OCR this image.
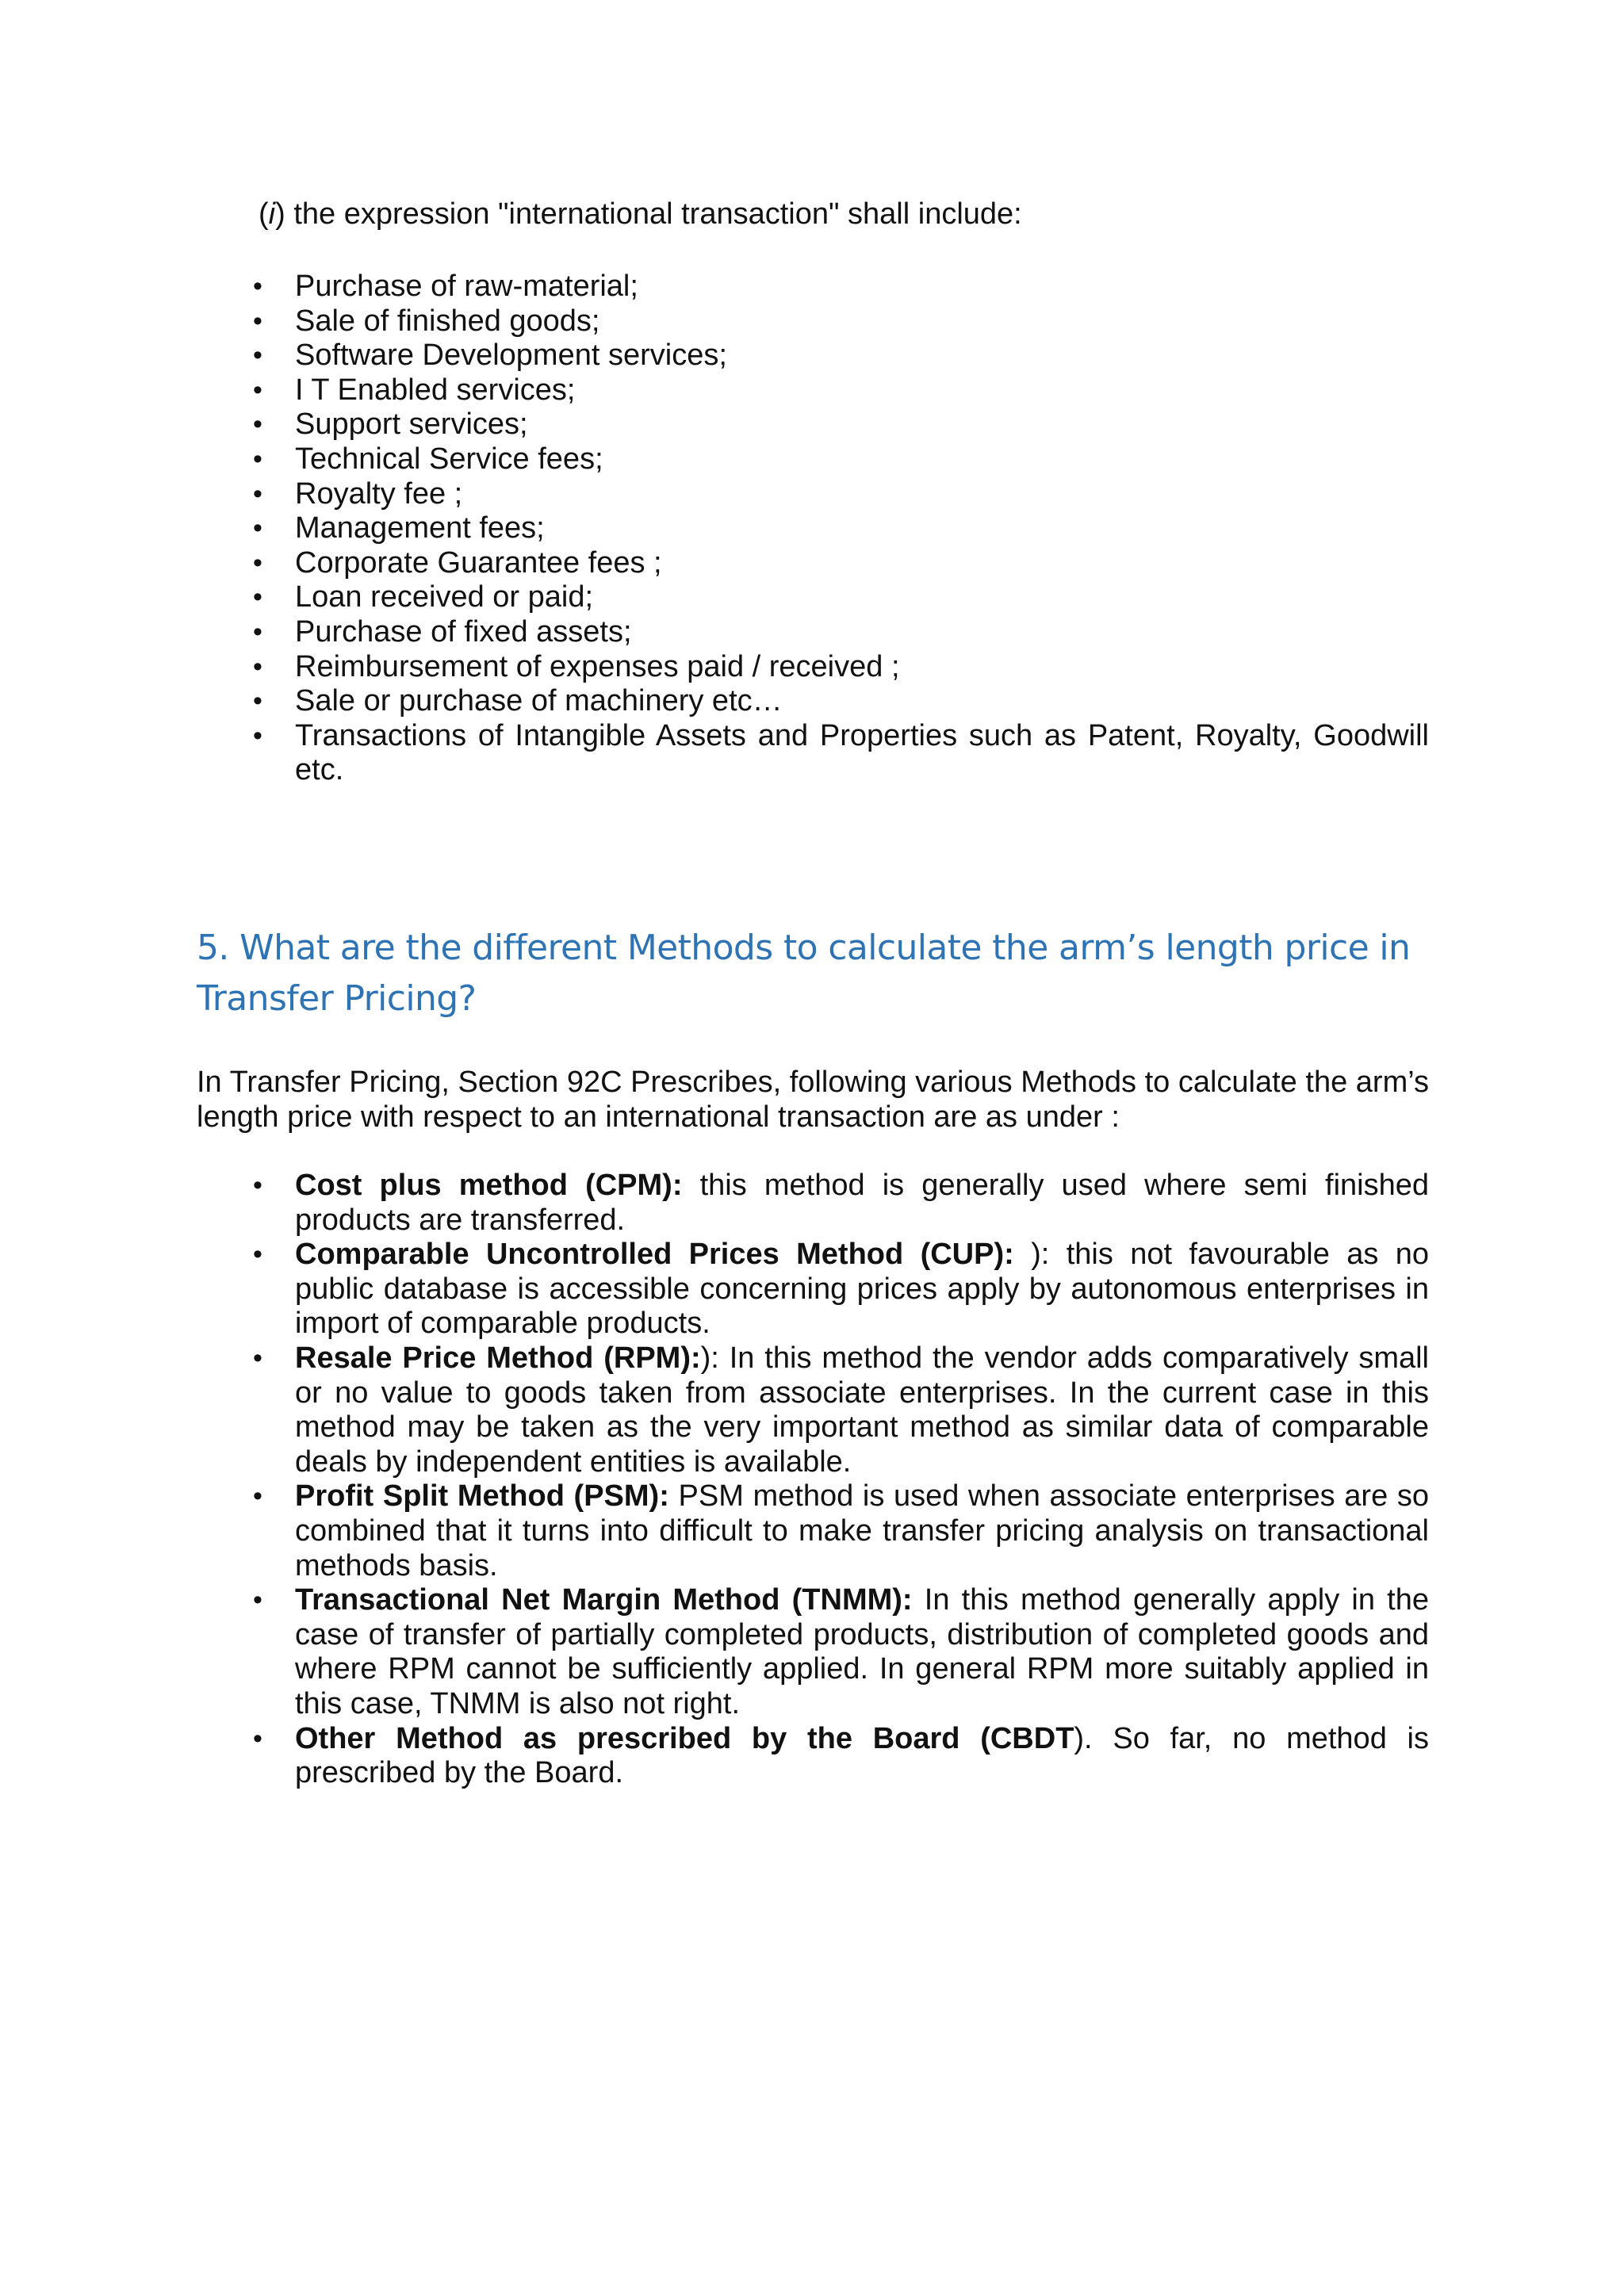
(i) the expression "international transaction" shall include:
• Purchase of raw-material;
• Sale of finished goods;
• Software Development services;
• I T Enabled services;
• Support services;
• Technical Service fees;
• Royalty fee ;
• Management fees;
• Corporate Guarantee fees ;
• Loan received or paid;
• Purchase of fixed assets;
• Reimbursement of expenses paid / received ;
• Sale or purchase of machinery etc…
• Transactions of Intangible Assets and Properties such as Patent, Royalty, Goodwill etc.
5. What are the different Methods to calculate the arm’s length price in Transfer Pricing?
In Transfer Pricing, Section 92C Prescribes, following various Methods to calculate the arm’s length price with respect to an international transaction are as under :
• Cost plus method (CPM): this method is generally used where semi finished products are transferred.
• Comparable Uncontrolled Prices Method (CUP): ): this not favourable as no public database is accessible concerning prices apply by autonomous enterprises in import of comparable products.
• Resale Price Method (RPM):): In this method the vendor adds comparatively small or no value to goods taken from associate enterprises. In the current case in this method may be taken as the very important method as similar data of comparable deals by independent entities is available.
• Profit Split Method (PSM): PSM method is used when associate enterprises are so combined that it turns into difficult to make transfer pricing analysis on transactional methods basis.
• Transactional Net Margin Method (TNMM): In this method generally apply in the case of transfer of partially completed products, distribution of completed goods and where RPM cannot be sufficiently applied. In general RPM more suitably applied in this case, TNMM is also not right.
• Other Method as prescribed by the Board (CBDT). So far, no method is prescribed by the Board.
